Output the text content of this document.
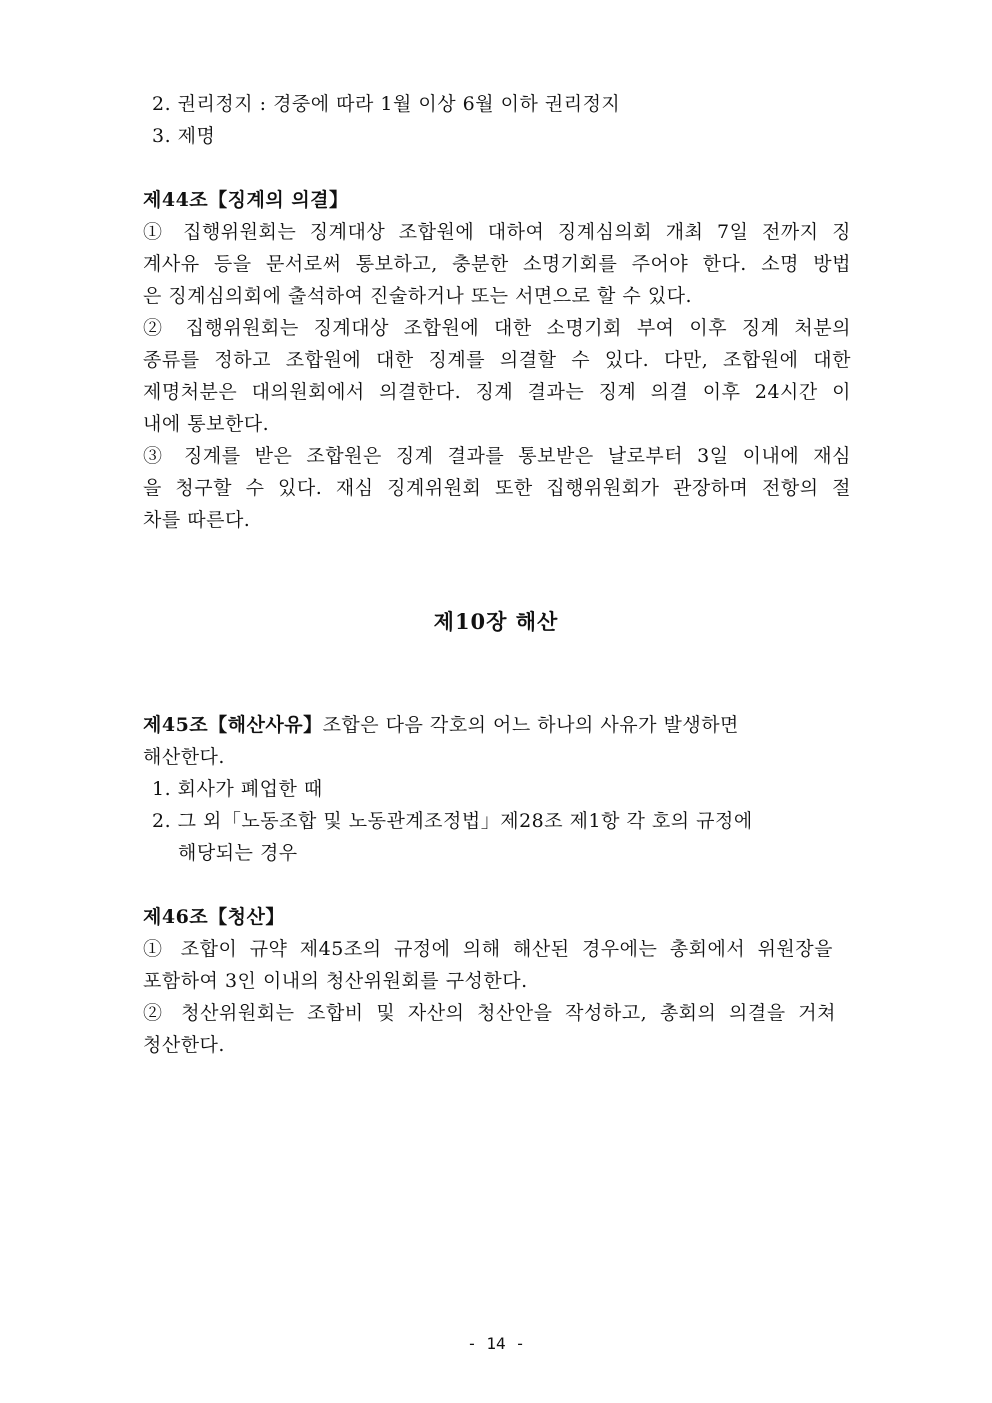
2. 권리정지 : 경중에 따라 1월 이상 6월 이하 권리정지
3. 제명
제44조【징계의 의결】
① 집행위원회는 징계대상 조합원에 대하여 징계심의회 개최 7일 전까지 징
계사유 등을 문서로써 통보하고, 충분한 소명기회를 주어야 한다. 소명 방법
은 징계심의회에 출석하여 진술하거나 또는 서면으로 할 수 있다.
② 집행위원회는 징계대상 조합원에 대한 소명기회 부여 이후 징계 처분의
종류를 정하고 조합원에 대한 징계를 의결할 수 있다. 다만, 조합원에 대한
제명처분은 대의원회에서 의결한다. 징계 결과는 징계 의결 이후 24시간 이
내에 통보한다.
③ 징계를 받은 조합원은 징계 결과를 통보받은 날로부터 3일 이내에 재심
을 청구할 수 있다. 재심 징계위원회 또한 집행위원회가 관장하며 전항의 절
차를 따른다.
제10장 해산
제45조【해산사유】조합은 다음 각호의 어느 하나의 사유가 발생하면
해산한다.
1. 회사가 폐업한 때
2. 그 외「노동조합 및 노동관계조정법」제28조 제1항 각 호의 규정에
해당되는 경우
제46조【청산】
① 조합이 규약 제45조의 규정에 의해 해산된 경우에는 총회에서 위원장을
포함하여 3인 이내의 청산위원회를 구성한다.
② 청산위원회는 조합비 및 자산의 청산안을 작성하고, 총회의 의결을 거쳐
청산한다.
- 14 -
